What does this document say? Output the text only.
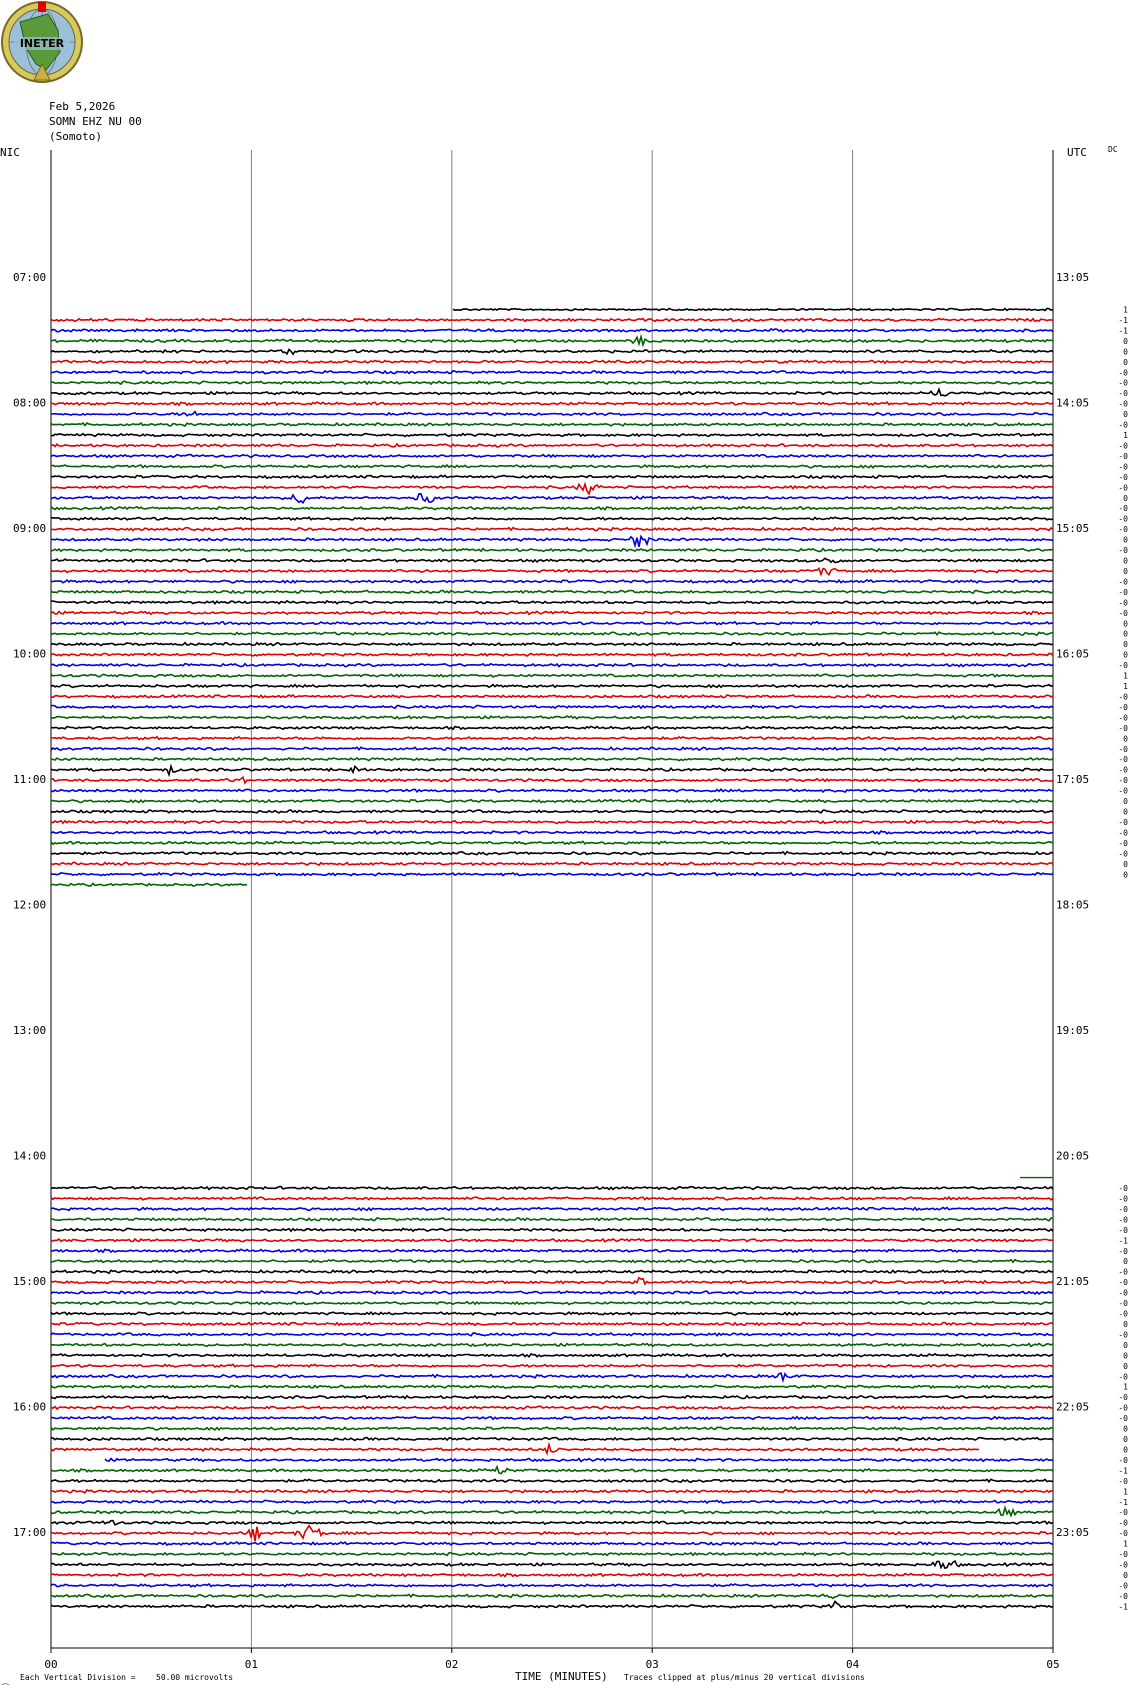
INETER
Feb 5,2026
SOMN EHZ NU 00
(Somoto)
NIC	UTC	DC
00	01	02	03	04	05
07:00	13:05
08:00	14:05
09:00	15:05
10:00	16:05
11:00	17:05
12:00	18:05
13:00	19:05
14:00	20:05
15:00	21:05
16:00	22:05
17:00	23:05
1
-1
-1
0
0
0
-0
-0
-0
-0
0
-0
1
-0
-0
-0
-0
-0
0
-0
-0
-0
0
-0
0
0
-0
-0
-0
-0
0
0
0
0
-0
1
1
-0
-0
-0
-0
0
-0
-0
-0
-0
-0
0
0
-0
-0
-0
-0
0
0
-0
-0
-0
-0
-0
-1
-0
0
-0
-0
-0
-0
-0
0
-0
0
0
0
-0
1
-0
-0
-0
0
0
0
-0
-1
-0
1
-1
-0
-0
-0
1
-0
-0
0
-0
-0
-1
⁔ Each Vertical Division =	50.00 microvolts	TIME (MINUTES) Traces clipped at plus/minus 20 vertical divisions
